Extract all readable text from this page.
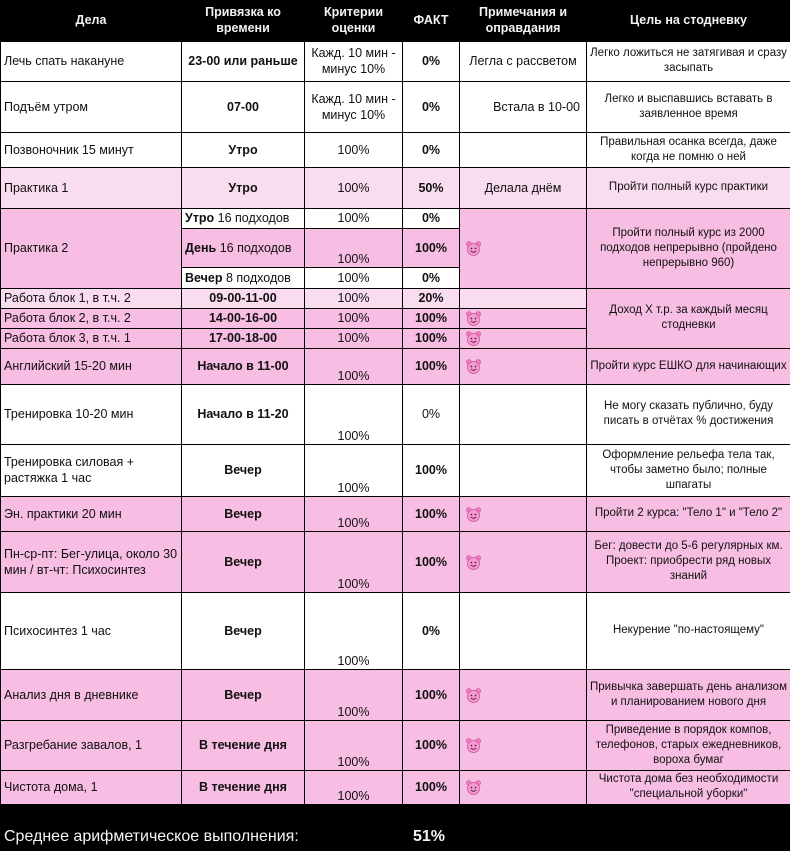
Дела	Привязка ко времени	Критерии оценки	ФАКТ	Примечания и оправдания	Цель на стодневку
Лечь спать накануне	23-00 или раньше	Кажд. 10 мин - минус 10%	0%	Легла с рассветом	Легко ложиться не затягивая и сразу засыпать
Подъём утром	07-00	Кажд. 10 мин - минус 10%	0%	Встала в 10-00	Легко и выспавшись вставать в заявленное время
Позвоночник 15 минут	Утро	100%	0%		Правильная осанка всегда, даже когда не помню о ней
Практика 1	Утро	100%	50%	Делала днём	Пройти полный курс практики
Практика 2	Утро 16 подходов	100%	0%		Пройти полный курс из 2000 подходов непрерывно (пройдено непрерывно 960)
	День 16 подходов	100%	100%		
	Вечер 8 подходов	100%	0%		
Работа блок 1, в т.ч. 2	09-00-11-00	100%	20%		Доход Х т.р. за каждый месяц стодневки
Работа блок 2, в т.ч. 2	14-00-16-00	100%	100%	
Работа блок 3, в т.ч. 1	17-00-18-00	100%	100%	
Английский 15-20 мин	Начало в 11-00	100%	100%		Пройти курс ЕШКО для начинающих
Тренировка 10-20 мин	Начало в 11-20	100%	0%		Не могу сказать публично, буду писать в отчётах % достижения
Тренировка силовая + растяжка 1 час	Вечер	100%	100%		Оформление рельефа тела так, чтобы заметно было; полные шпагаты
Эн. практики 20 мин	Вечер	100%	100%		Пройти 2 курса: "Тело 1" и "Тело 2"
Пн-ср-пт: Бег-улица, около 30 мин / вт-чт: Психосинтез	Вечер	100%	100%		Бег: довести до 5-6 регулярных км. Проект: приобрести ряд новых знаний
Психосинтез 1 час	Вечер	100%	0%		Некурение "по-настоящему"
Анализ дня в дневнике	Вечер	100%	100%		Привычка завершать день анализом и планированием нового дня
Разгребание завалов, 1	В течение дня	100%	100%		Приведение в порядок компов, телефонов, старых ежедневников, вороха бумаг
Чистота дома, 1	В течение дня	100%	100%		Чистота дома без необходимости "специальной уборки"
Среднее арифметическое выполнения:	51%
